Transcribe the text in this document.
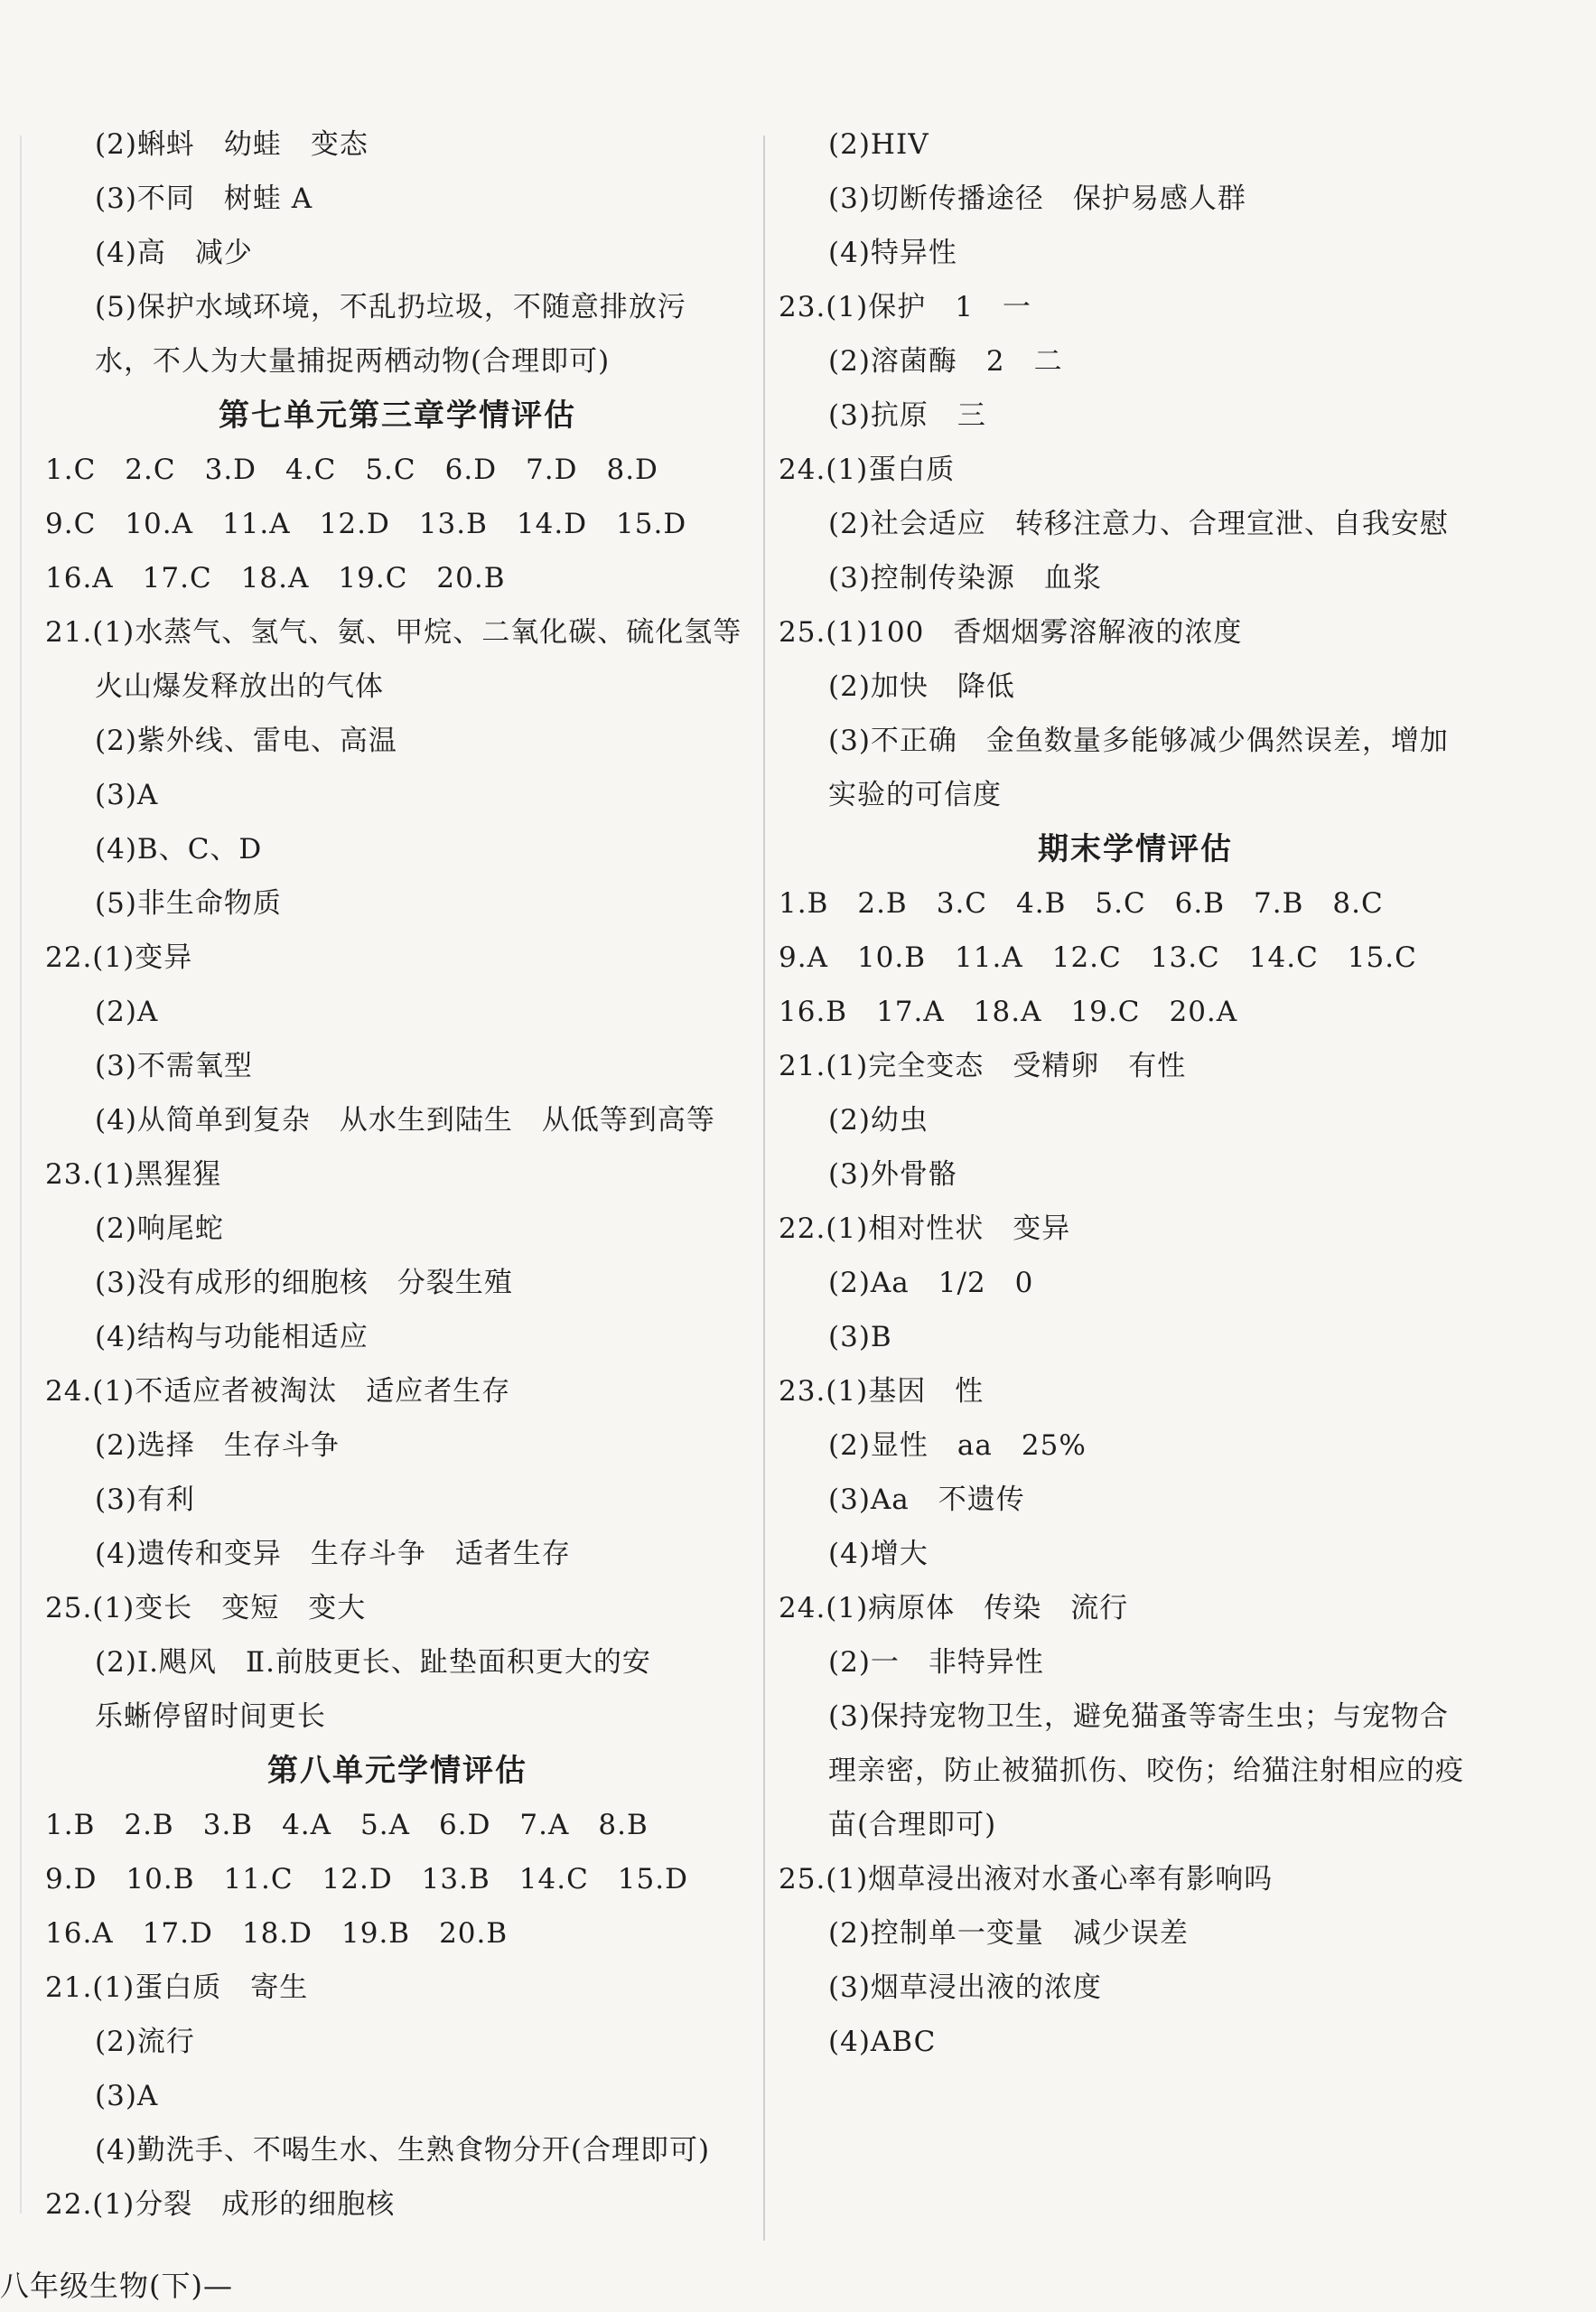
(2)蝌蚪　幼蛙　变态
(3)不同　树蛙 A
(4)高　减少
(5)保护水域环境，不乱扔垃圾，不随意排放污
水，不人为大量捕捉两栖动物(合理即可)
第七单元第三章学情评估
1.C　2.C　3.D　4.C　5.C　6.D　7.D　8.D
9.C　10.A　11.A　12.D　13.B　14.D　15.D
16.A　17.C　18.A　19.C　20.B
21.(1)水蒸气、氢气、氨、甲烷、二氧化碳、硫化氢等
火山爆发释放出的气体
(2)紫外线、雷电、高温
(3)A
(4)B、C、D
(5)非生命物质
22.(1)变异
(2)A
(3)不需氧型
(4)从简单到复杂　从水生到陆生　从低等到高等
23.(1)黑猩猩
(2)响尾蛇
(3)没有成形的细胞核　分裂生殖
(4)结构与功能相适应
24.(1)不适应者被淘汰　适应者生存
(2)选择　生存斗争
(3)有利
(4)遗传和变异　生存斗争　适者生存
25.(1)变长　变短　变大
(2)Ⅰ.飓风　Ⅱ.前肢更长、趾垫面积更大的安
乐蜥停留时间更长
第八单元学情评估
1.B　2.B　3.B　4.A　5.A　6.D　7.A　8.B
9.D　10.B　11.C　12.D　13.B　14.C　15.D
16.A　17.D　18.D　19.B　20.B
21.(1)蛋白质　寄生
(2)流行
(3)A
(4)勤洗手、不喝生水、生熟食物分开(合理即可)
22.(1)分裂　成形的细胞核
(2)HIV
(3)切断传播途径　保护易感人群
(4)特异性
23.(1)保护　1　一
(2)溶菌酶　2　二
(3)抗原　三
24.(1)蛋白质
(2)社会适应　转移注意力、合理宣泄、自我安慰
(3)控制传染源　血浆
25.(1)100　香烟烟雾溶解液的浓度
(2)加快　降低
(3)不正确　金鱼数量多能够减少偶然误差，增加
实验的可信度
期末学情评估
1.B　2.B　3.C　4.B　5.C　6.B　7.B　8.C
9.A　10.B　11.A　12.C　13.C　14.C　15.C
16.B　17.A　18.A　19.C　20.A
21.(1)完全变态　受精卵　有性
(2)幼虫
(3)外骨骼
22.(1)相对性状　变异
(2)Aa　1/2　0
(3)B
23.(1)基因　性
(2)显性　aa　25%
(3)Aa　不遗传
(4)增大
24.(1)病原体　传染　流行
(2)一　非特异性
(3)保持宠物卫生，避免猫蚤等寄生虫；与宠物合
理亲密，防止被猫抓伤、咬伤；给猫注射相应的疫
苗(合理即可)
25.(1)烟草浸出液对水蚤心率有影响吗
(2)控制单一变量　减少误差
(3)烟草浸出液的浓度
(4)ABC
八年级生物(下)—
